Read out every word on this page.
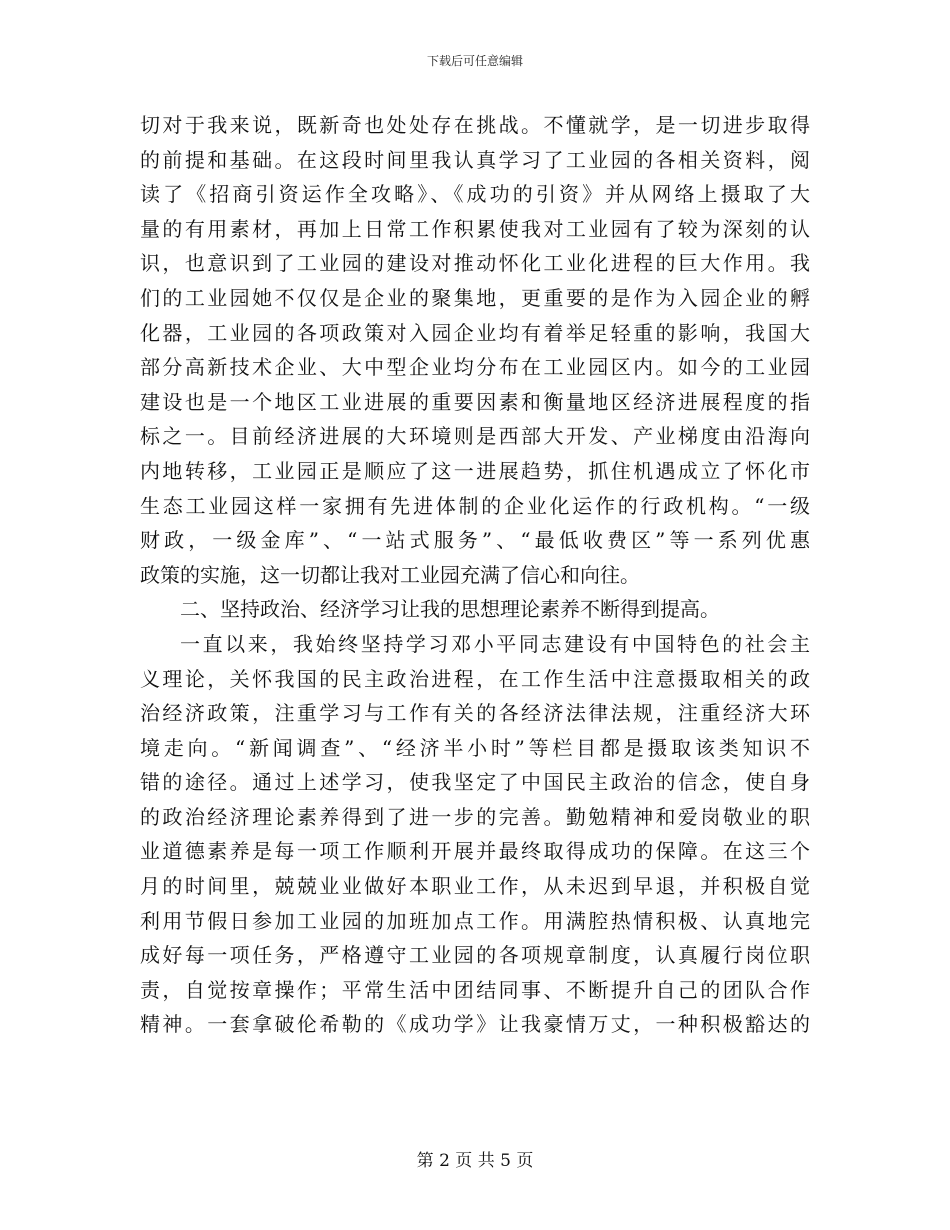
下载后可任意编辑
切对于我来说，既新奇也处处存在挑战。不懂就学，是一切进步取得
的前提和基础。在这段时间里我认真学习了工业园的各相关资料，阅
读了《招商引资运作全攻略》、《成功的引资》并从网络上摄取了大
量的有用素材，再加上日常工作积累使我对工业园有了较为深刻的认
识，也意识到了工业园的建设对推动怀化工业化进程的巨大作用。我
们的工业园她不仅仅是企业的聚集地，更重要的是作为入园企业的孵
化器，工业园的各项政策对入园企业均有着举足轻重的影响，我国大
部分高新技术企业、大中型企业均分布在工业园区内。如今的工业园
建设也是一个地区工业进展的重要因素和衡量地区经济进展程度的指
标之一。目前经济进展的大环境则是西部大开发、产业梯度由沿海向
内地转移，工业园正是顺应了这一进展趋势，抓住机遇成立了怀化市
生态工业园这样一家拥有先进体制的企业化运作的行政机构。“一级
财政，一级金库”、“一站式服务”、“最低收费区”等一系列优惠
政策的实施，这一切都让我对工业园充满了信心和向往。
二、坚持政治、经济学习让我的思想理论素养不断得到提高。
一直以来，我始终坚持学习邓小平同志建设有中国特色的社会主
义理论，关怀我国的民主政治进程，在工作生活中注意摄取相关的政
治经济政策，注重学习与工作有关的各经济法律法规，注重经济大环
境走向。“新闻调查”、“经济半小时”等栏目都是摄取该类知识不
错的途径。通过上述学习，使我坚定了中国民主政治的信念，使自身
的政治经济理论素养得到了进一步的完善。勤勉精神和爱岗敬业的职
业道德素养是每一项工作顺利开展并最终取得成功的保障。在这三个
月的时间里，兢兢业业做好本职业工作，从未迟到早退，并积极自觉
利用节假日参加工业园的加班加点工作。用满腔热情积极、认真地完
成好每一项任务，严格遵守工业园的各项规章制度，认真履行岗位职
责，自觉按章操作；平常生活中团结同事、不断提升自己的团队合作
精神。一套拿破伦希勒的《成功学》让我豪情万丈，一种积极豁达的
第 2 页 共 5 页
